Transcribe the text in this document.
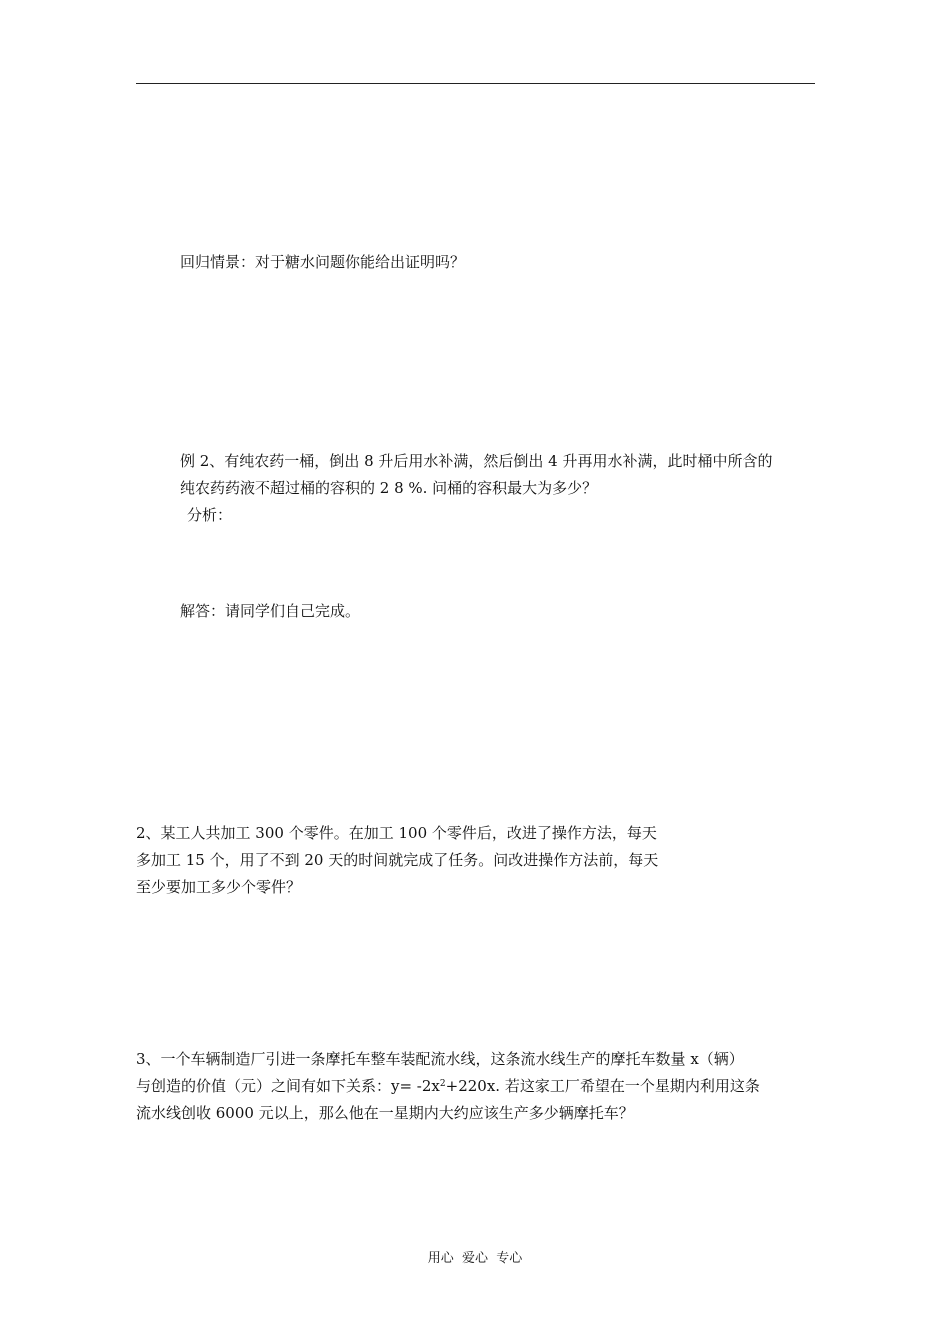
回归情景：对于糖水问题你能给出证明吗？
例 2、有纯农药一桶，倒出 8 升后用水补满，然后倒出 4 升再用水补满，此时桶中所含的
纯农药药液不超过桶的容积的 2 8 %. 问桶的容积最大为多少？
分析：
解答：请同学们自己完成。
2、某工人共加工 300 个零件。在加工 100 个零件后，改进了操作方法，每天
多加工 15 个，用了不到 20 天的时间就完成了任务。问改进操作方法前，每天
至少要加工多少个零件？
3、一个车辆制造厂引进一条摩托车整车装配流水线，这条流水线生产的摩托车数量 x（辆）
与创造的价值（元）之间有如下关系：$y= -2x^2+220x$. 若这家工厂希望在一个星期内利用这条
流水线创收 6000 元以上，那么他在一星期内大约应该生产多少辆摩托车？
用心  爱心  专心
